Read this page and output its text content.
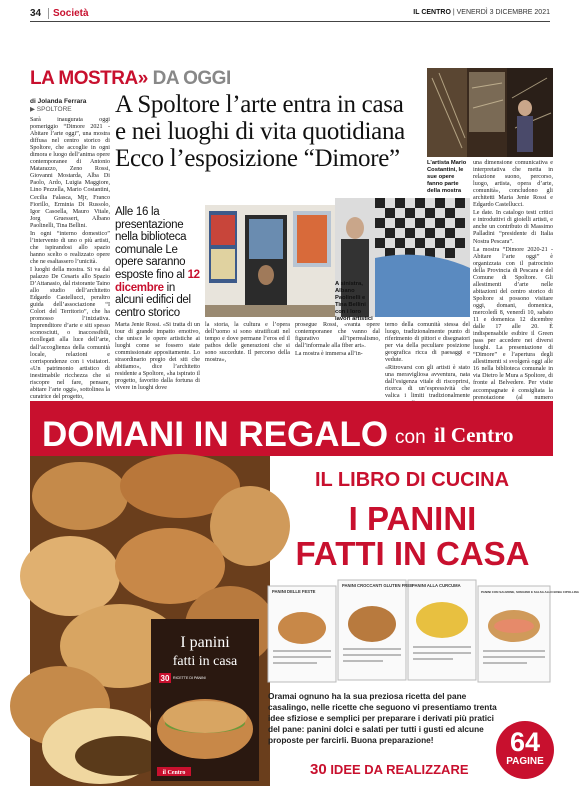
34	Società	IL CENTRO | VENERDÌ 3 DICEMBRE 2021
LA MOSTRA» DA OGGI
di Jolanda Ferrara
▶ SPOLTORE	A Spoltore l’arte entra in casa
e nei luoghi di vita quotidiana
Ecco l’esposizione “Dimore”	L’artista Mario Costantini, le sue opere fanno parte della mostra
Alle 16 la presentazione nella biblioteca comunale Le opere saranno esposte fino al 12 dicembre in alcuni edifici del centro storico
A sinistra, Albano Paolinelli e Tina Bellini con i loro lavori artistici

Sarà inaugurata oggi pomeriggio “Dimore 2021 - Abitare l’arte oggi”, una mostra diffusa nel centro storico di Spoltore, che accoglie in ogni dimora e luogo dell’anima opere contemporanee di Antonio Matarazzo, Zeno Rossi, Giovanni Mostarda, Alba Di Paolo, Ardo, Luigia Maggiore, Lino Pezzella, Mario Costantini, Cecilia Falasca, Mjr, Franco Fiorillo, Erminia Di Russolo, Igor Casoella, Mauro Vitale, Jorg Gruessert, Albano Paolinelli, Tina Bellini.

In ogni “interno domestico” l’intervento di uno o più artisti, che ispirandosi allo spazio hanno scelto o realizzato opere che ne esaltassero l’unicità.

I luoghi della mostra. Si va dal palazzo De Cesaris allo Spazio D’Attanasio, dal ristorante Taino allo studio dell’architetto Edgardo Castellucci, peraltro guida dell’associazione “I Colori del Territorio”, che ha promosso l’iniziativa. Imprenditore d’arte e siti spesso sconosciuti, o inaccessibili, ricollegati alla luce dell’arte, dall’accoglienza della comunità locale, relazioni e corrispondenze con i visitatori. «Un patrimonio artistico di inestimabile ricchezza che si riscopre nel fare, pensare, abitare l’arte oggi», sottolinea la curatrice del progetto,

Marta Jenie Rossi. «Si tratta di un tour di grande impatto emotivo, che unisce le opere artistiche ai luoghi come se fossero state commissionate appositamente. Lo straordinario pregio dei siti che abitiamo», dice l’architetto residente a Spoltore, «ha ispirato il progetto, favorito dalla fortuna di vivere in luoghi dove

la storia, la cultura e l’opera dell’uomo si sono stratificati nel tempo e dove permane l’eros ed il pathos delle generazioni che si sono succedute. Il percorso della mostra»,

prosegue Rossi, «vanta opere contemporanee che vanno dal figurativo all’iperrealismo, dall’informale alla fiber art».

La mostra è immersa all’in-

terno della comunità stessa del luogo, tradizionalmente punto di riferimento di pittori e disegnatori per via della peculiare posizione geografica ricca di paesaggi e vedute.

«Ritrovarsi con gli artisti è stato una meravigliosa avventura, nata dall’esigenza vitale di riscoprirsi, ricerca di un’espressività che valica i limiti tradizionalmente

una dimensione comunicativa e interpretativa che metta in relazione suono, percorso, luogo, artista, opera d’arte, comunità», concludono gli architetti Maria Jenie Rossi e Edgardo Castellucci.

Le date. In catalogo testi critici e introduttivi di gioielli artisti, e anche un contributo di Massimo Palladini “presidente di Italia Nostra Pescara”.

La mostra “Dimore 2020-21 - Abitare l’arte oggi” è organizzata con il patrocinio della Provincia di Pescara e del Comune di Spoltore. Gli allestimenti d’arte nelle abitazioni del centro storico di Spoltore si possono visitare oggi, domani, domenica, mercoledì 8, venerdì 10, sabato 11 e domenica 12 dicembre dalle 17 alle 20. È indispensabile esibire il Green pass per accedere nei diversi luoghi. La presentazione di “Dimore” e l’apertura degli allestimenti si svolgerà oggi alle 16 nella biblioteca comunale in via Dietro le Mura a Spoltore, di fronte al Belvedere. Per visite accompagnate è consigliata la prenotazione (al numero

DOMANI IN REGALO con il Centro
IL LIBRO DI CUCINA
I PANINI
FATTI IN CASA
PANINI DELLE FESTE
PANINI CROCCANTI GLUTEN FREE PANINI ALLA CURCUMA
PANINI CON SALMONE, SONGINO E SALSA ALLO ERBA CIPOLLINA
I panini
fatti in casa
30 RICETTE DI PANINI
il Centro
Oramai ognuno ha la sua preziosa ricetta del pane casalingo, nelle ricette che seguono vi presentiamo trenta idee sfiziose e semplici per preparare i derivati più pratici del pane: panini dolci e salati per tutti i gusti ed alcune proposte per farcirli. Buona preparazione!
30 IDEE DA REALIZZARE
64
PAGINE
